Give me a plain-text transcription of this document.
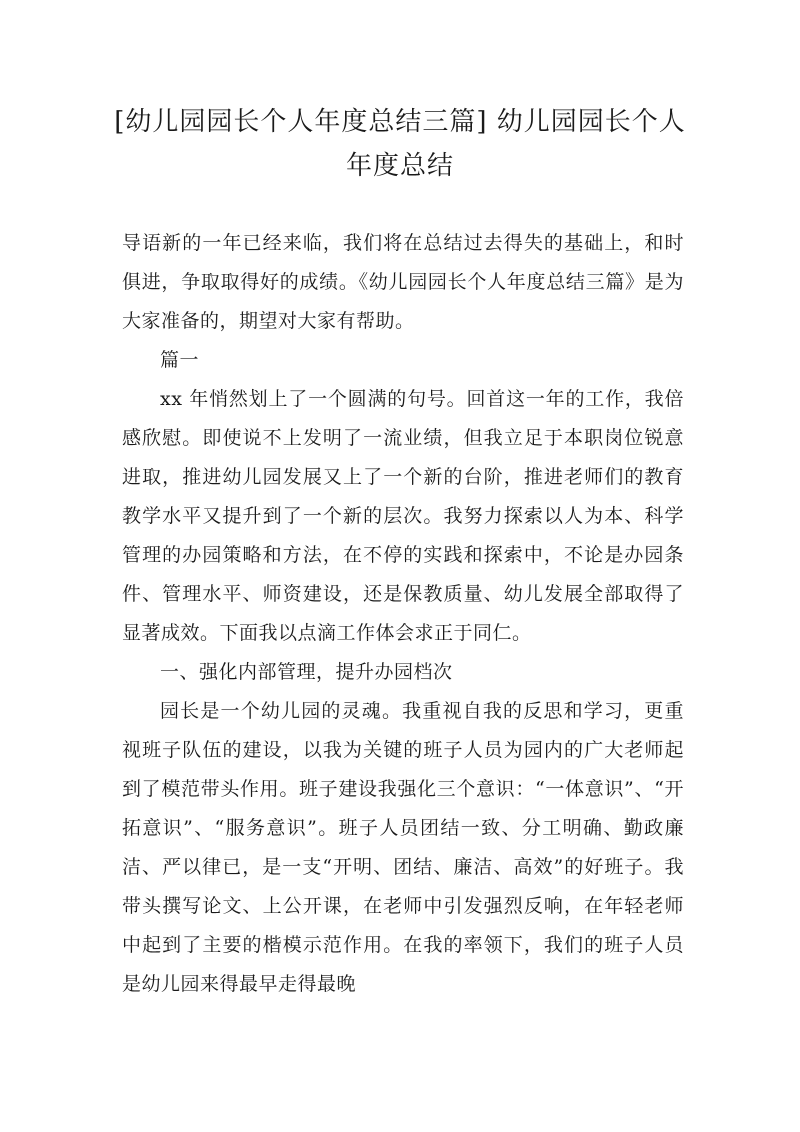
[幼儿园园长个人年度总结三篇] 幼儿园园长个人年度总结

导语新的一年已经来临，我们将在总结过去得失的基础上，和时俱进，争取取得好的成绩。《幼儿园园长个人年度总结三篇》是为大家准备的，期望对大家有帮助。

篇一

xx 年悄然划上了一个圆满的句号。回首这一年的工作，我倍感欣慰。即使说不上发明了一流业绩，但我立足于本职岗位锐意进取，推进幼儿园发展又上了一个新的台阶，推进老师们的教育教学水平又提升到了一个新的层次。我努力探索以人为本、科学管理的办园策略和方法，在不停的实践和探索中，不论是办园条件、管理水平、师资建设，还是保教质量、幼儿发展全部取得了显著成效。下面我以点滴工作体会求正于同仁。

一、强化内部管理，提升办园档次

园长是一个幼儿园的灵魂。我重视自我的反思和学习，更重视班子队伍的建设，以我为关键的班子人员为园内的广大老师起到了模范带头作用。班子建设我强化三个意识：“一体意识”、“开拓意识”、“服务意识”。班子人员团结一致、分工明确、勤政廉洁、严以律已，是一支“开明、团结、廉洁、高效”的好班子。我带头撰写论文、上公开课，在老师中引发强烈反响，在年轻老师中起到了主要的楷模示范作用。在我的率领下，我们的班子人员是幼儿园来得最早走得最晚
